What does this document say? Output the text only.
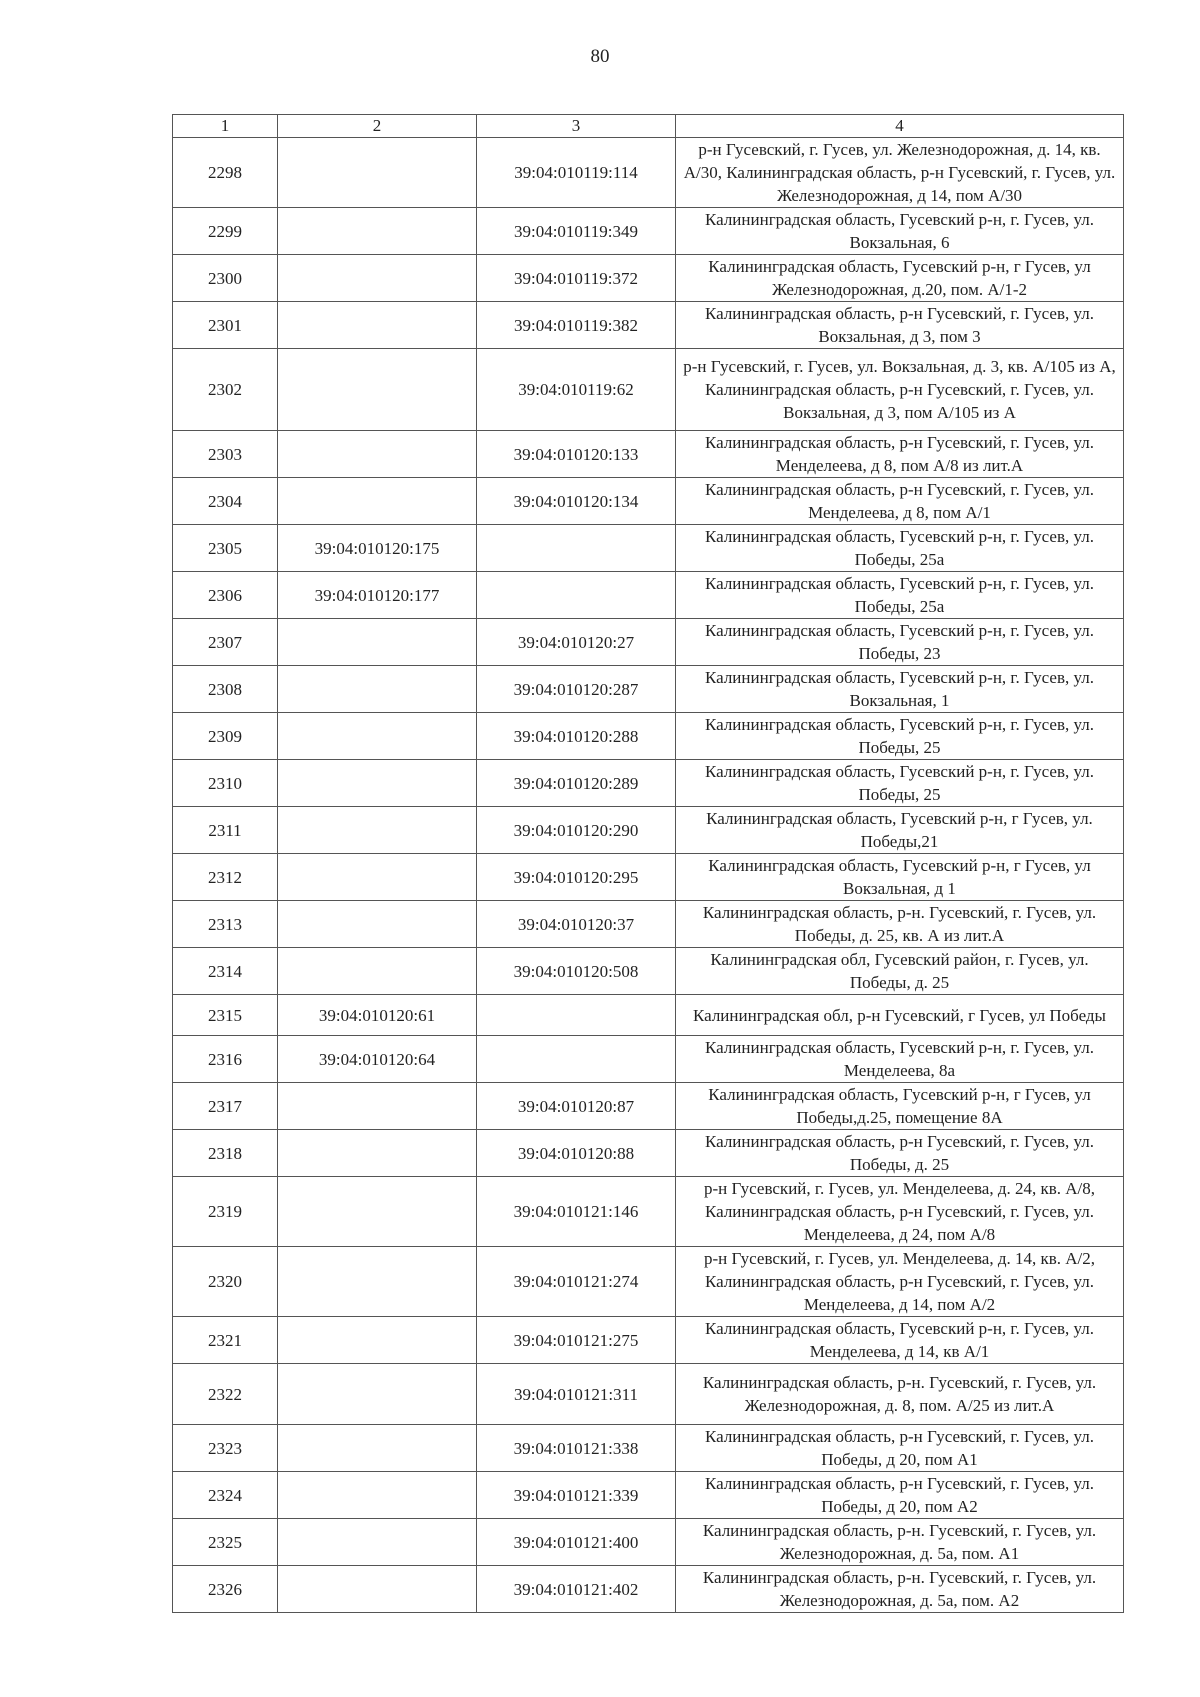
80
1	2	3	4
2298		39:04:010119:114	р-н Гусевский, г. Гусев, ул. Железнодорожная, д. 14, кв. А/30, Калининградская область, р-н Гусевский, г. Гусев, ул. Железнодорожная, д 14, пом А/30
2299		39:04:010119:349	Калининградская область, Гусевский р-н, г. Гусев, ул. Вокзальная, 6
2300		39:04:010119:372	Калининградская область, Гусевский р-н, г Гусев, ул Железнодорожная, д.20, пом. А/1-2
2301		39:04:010119:382	Калининградская область, р-н Гусевский, г. Гусев, ул. Вокзальная, д 3, пом 3
2302		39:04:010119:62	р-н Гусевский, г. Гусев, ул. Вокзальная, д. 3, кв. А/105 из А, Калининградская область, р-н Гусевский, г. Гусев, ул. Вокзальная, д 3, пом А/105 из А
2303		39:04:010120:133	Калининградская область, р-н Гусевский, г. Гусев, ул. Менделеева, д 8, пом А/8 из лит.А
2304		39:04:010120:134	Калининградская область, р-н Гусевский, г. Гусев, ул. Менделеева, д 8, пом А/1
2305	39:04:010120:175		Калининградская область, Гусевский р-н, г. Гусев, ул. Победы, 25а
2306	39:04:010120:177		Калининградская область, Гусевский р-н, г. Гусев, ул. Победы, 25а
2307		39:04:010120:27	Калининградская область, Гусевский р-н, г. Гусев, ул. Победы, 23
2308		39:04:010120:287	Калининградская область, Гусевский р-н, г. Гусев, ул. Вокзальная, 1
2309		39:04:010120:288	Калининградская область, Гусевский р-н, г. Гусев, ул. Победы, 25
2310		39:04:010120:289	Калининградская область, Гусевский р-н, г. Гусев, ул. Победы, 25
2311		39:04:010120:290	Калининградская область, Гусевский р-н, г Гусев, ул. Победы,21
2312		39:04:010120:295	Калининградская область, Гусевский р-н, г Гусев, ул Вокзальная, д 1
2313		39:04:010120:37	Калининградская область, р-н. Гусевский, г. Гусев, ул. Победы, д. 25, кв. А из лит.А
2314		39:04:010120:508	Калининградская обл, Гусевский район, г. Гусев, ул. Победы, д. 25
2315	39:04:010120:61		Калининградская обл, р-н Гусевский, г Гусев, ул Победы
2316	39:04:010120:64		Калининградская область, Гусевский р-н, г. Гусев, ул. Менделеева, 8а
2317		39:04:010120:87	Калининградская область, Гусевский р-н, г Гусев, ул Победы,д.25, помещение 8А
2318		39:04:010120:88	Калининградская область, р-н Гусевский, г. Гусев, ул. Победы, д. 25
2319		39:04:010121:146	р-н Гусевский, г. Гусев, ул. Менделеева, д. 24, кв. А/8, Калининградская область, р-н Гусевский, г. Гусев, ул. Менделеева, д 24, пом А/8
2320		39:04:010121:274	р-н Гусевский, г. Гусев, ул. Менделеева, д. 14, кв. А/2, Калининградская область, р-н Гусевский, г. Гусев, ул. Менделеева, д 14, пом А/2
2321		39:04:010121:275	Калининградская область, Гусевский р-н, г. Гусев, ул. Менделеева, д 14, кв А/1
2322		39:04:010121:311	Калининградская область, р-н. Гусевский, г. Гусев, ул. Железнодорожная, д. 8, пом. А/25 из лит.А
2323		39:04:010121:338	Калининградская область, р-н Гусевский, г. Гусев, ул. Победы, д 20, пом А1
2324		39:04:010121:339	Калининградская область, р-н Гусевский, г. Гусев, ул. Победы, д 20, пом А2
2325		39:04:010121:400	Калининградская область, р-н. Гусевский, г. Гусев, ул. Железнодорожная, д. 5а, пом. А1
2326		39:04:010121:402	Калининградская область, р-н. Гусевский, г. Гусев, ул. Железнодорожная, д. 5а, пом. А2
